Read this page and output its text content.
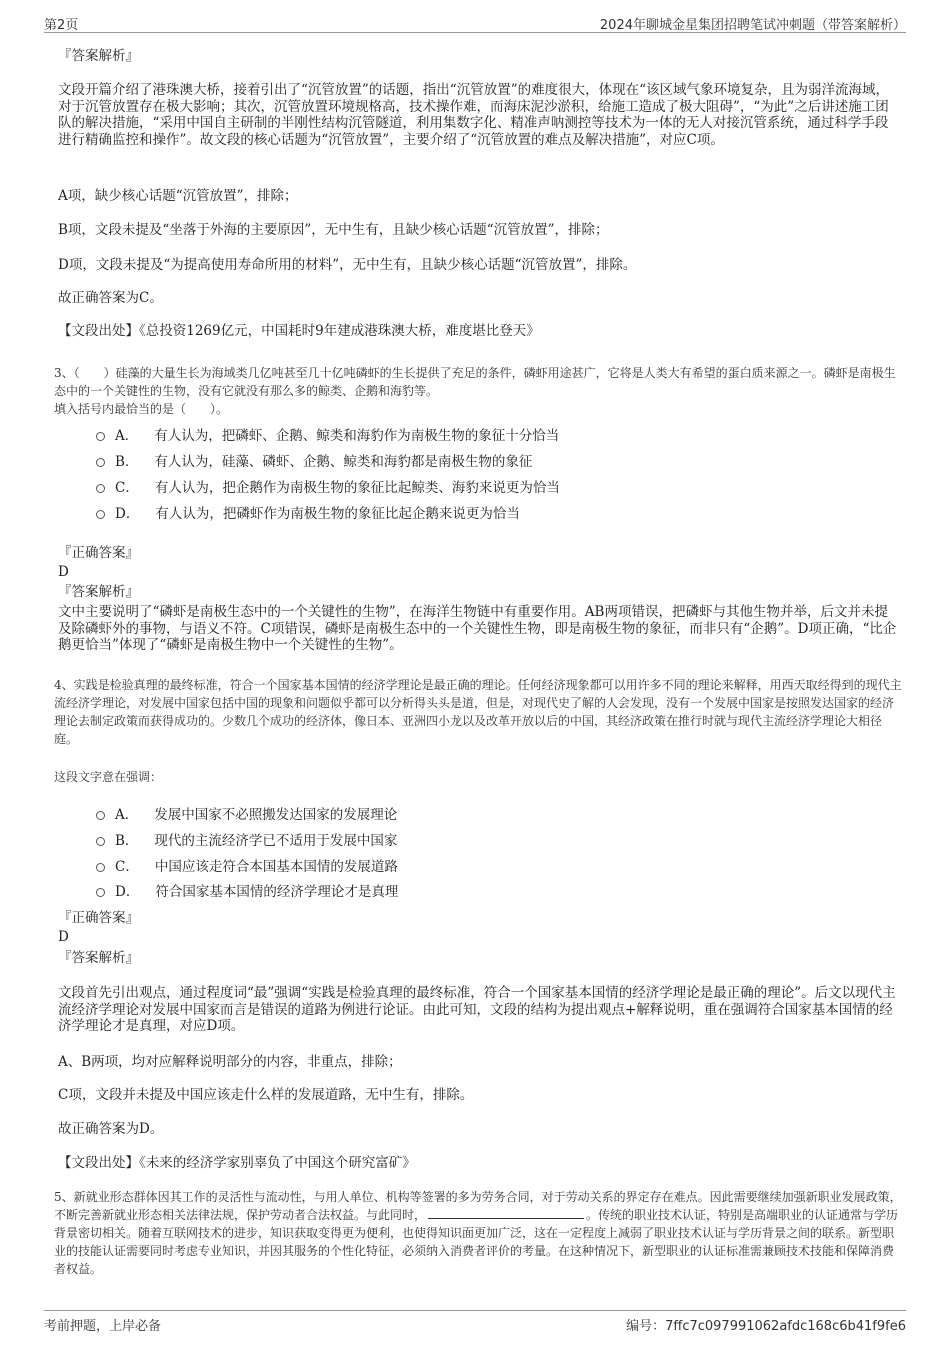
第2页	2024年聊城金星集团招聘笔试冲刺题（带答案解析）
『答案解析』
文段开篇介绍了港珠澳大桥，接着引出了“沉管放置”的话题，指出“沉管放置”的难度很大，体现在“该区域气象环境复杂，且为弱洋流海域，对于沉管放置存在极大影响；其次，沉管放置环境规格高，技术操作难，而海床泥沙淤积，给施工造成了极大阻碍”，“为此”之后讲述施工团队的解决措施，“采用中国自主研制的半刚性结构沉管隧道，利用集数字化、精准声呐测控等技术为一体的无人对接沉管系统，通过科学手段进行精确监控和操作”。故文段的核心话题为“沉管放置”，主要介绍了“沉管放置的难点及解决措施”，对应C项。
A项，缺少核心话题“沉管放置”，排除；
B项，文段未提及“坐落于外海的主要原因”，无中生有，且缺少核心话题“沉管放置”，排除；
D项，文段未提及“为提高使用寿命所用的材料”，无中生有，且缺少核心话题“沉管放置”，排除。
故正确答案为C。
【文段出处】《总投资1269亿元，中国耗时9年建成港珠澳大桥，难度堪比登天》
3、（　　）硅藻的大量生长为海域类几亿吨甚至几十亿吨磷虾的生长提供了充足的条件，磷虾用途甚广，它将是人类大有希望的蛋白质来源之一。磷虾是南极生态中的一个关键性的生物，没有它就没有那么多的鲸类、企鹅和海豹等。
填入括号内最恰当的是（　　）。
A． 有人认为，把磷虾、企鹅、鲸类和海豹作为南极生物的象征十分恰当
B． 有人认为，硅藻、磷虾、企鹅、鲸类和海豹都是南极生物的象征
C． 有人认为，把企鹅作为南极生物的象征比起鲸类、海豹来说更为恰当
D． 有人认为，把磷虾作为南极生物的象征比起企鹅来说更为恰当
『正确答案』
D
『答案解析』
文中主要说明了“磷虾是南极生态中的一个关键性的生物”，在海洋生物链中有重要作用。AB两项错误，把磷虾与其他生物并举，后文并未提及除磷虾外的事物，与语义不符。C项错误，磷虾是南极生态中的一个关键性生物，即是南极生物的象征，而非只有“企鹅”。D项正确，“比企鹅更恰当”体现了“磷虾是南极生物中一个关键性的生物”。
4、实践是检验真理的最终标准，符合一个国家基本国情的经济学理论是最正确的理论。任何经济现象都可以用许多不同的理论来解释，用西天取经得到的现代主流经济学理论，对发展中国家包括中国的现象和问题似乎都可以分析得头头是道，但是，对现代史了解的人会发现，没有一个发展中国家是按照发达国家的经济理论去制定政策而获得成功的。少数几个成功的经济体，像日本、亚洲四小龙以及改革开放以后的中国，其经济政策在推行时就与现代主流经济学理论大相径庭。
这段文字意在强调：
A． 发展中国家不必照搬发达国家的发展理论
B． 现代的主流经济学已不适用于发展中国家
C． 中国应该走符合本国基本国情的发展道路
D． 符合国家基本国情的经济学理论才是真理
『正确答案』
D
『答案解析』
文段首先引出观点，通过程度词“最”强调“实践是检验真理的最终标准，符合一个国家基本国情的经济学理论是最正确的理论”。后文以现代主流经济学理论对发展中国家而言是错误的道路为例进行论证。由此可知，文段的结构为提出观点+解释说明，重在强调符合国家基本国情的经济学理论才是真理，对应D项。
A、B两项，均对应解释说明部分的内容，非重点，排除；
C项，文段并未提及中国应该走什么样的发展道路，无中生有，排除。
故正确答案为D。
【文段出处】《未来的经济学家别辜负了中国这个研究富矿》
5、新就业形态群体因其工作的灵活性与流动性，与用人单位、机构等签署的多为劳务合同，对于劳动关系的界定存在难点。因此需要继续加强新职业发展政策，不断完善新就业形态相关法律法规，保护劳动者合法权益。与此同时，	。传统的职业技术认证，特别是高端职业的认证通常与学历背景密切相关。随着互联网技术的进步，知识获取变得更为便利，也使得知识面更加广泛，这在一定程度上减弱了职业技术认证与学历背景之间的联系。新型职业的技能认证需要同时考虑专业知识，并因其服务的个性化特征，必须纳入消费者评价的考量。在这种情况下，新型职业的认证标准需兼顾技术技能和保障消费者权益。
考前押题，上岸必备	编号：7ffc7c097991062afdc168c6b41f9fe6
